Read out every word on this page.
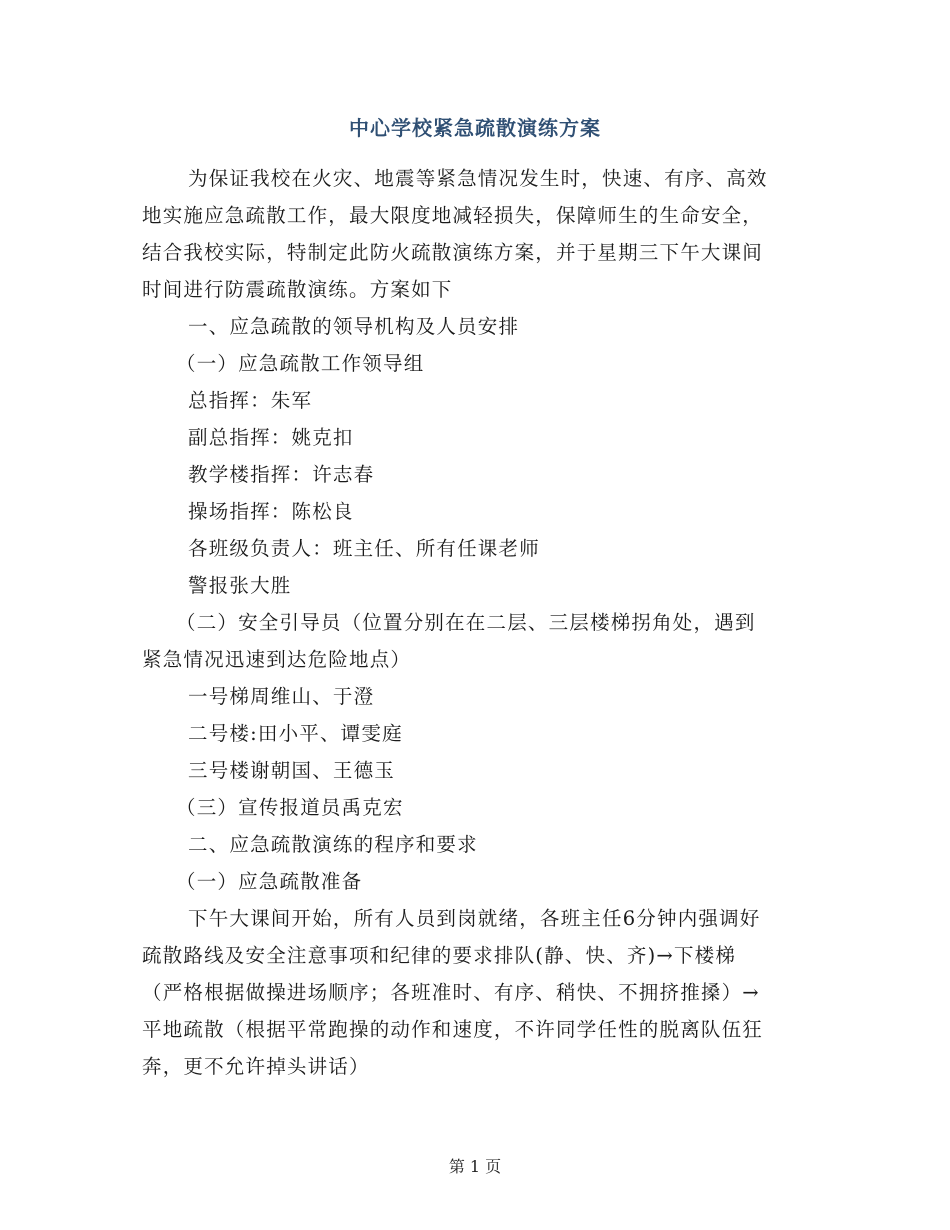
中心学校紧急疏散演练方案

为保证我校在火灾、地震等紧急情况发生时，快速、有序、高效

地实施应急疏散工作，最大限度地减轻损失，保障师生的生命安全，

结合我校实际，特制定此防火疏散演练方案，并于星期三下午大课间

时间进行防震疏散演练。方案如下

一、应急疏散的领导机构及人员安排

（一）应急疏散工作领导组

总指挥：朱军

副总指挥：姚克扣

教学楼指挥：许志春

操场指挥：陈松良

各班级负责人：班主任、所有任课老师

警报张大胜

（二）安全引导员（位置分别在在二层、三层楼梯拐角处，遇到

紧急情况迅速到达危险地点）

一号梯周维山、于澄

二号楼:田小平、谭雯庭

三号楼谢朝国、王德玉

（三）宣传报道员禹克宏

二、应急疏散演练的程序和要求

（一）应急疏散准备

下午大课间开始，所有人员到岗就绪，各班主任6分钟内强调好

疏散路线及安全注意事项和纪律的要求排队(静、快、齐)→下楼梯

（严格根据做操进场顺序；各班准时、有序、稍快、不拥挤推搡）→

平地疏散（根据平常跑操的动作和速度，不许同学任性的脱离队伍狂

奔，更不允许掉头讲话）

第 1 页
